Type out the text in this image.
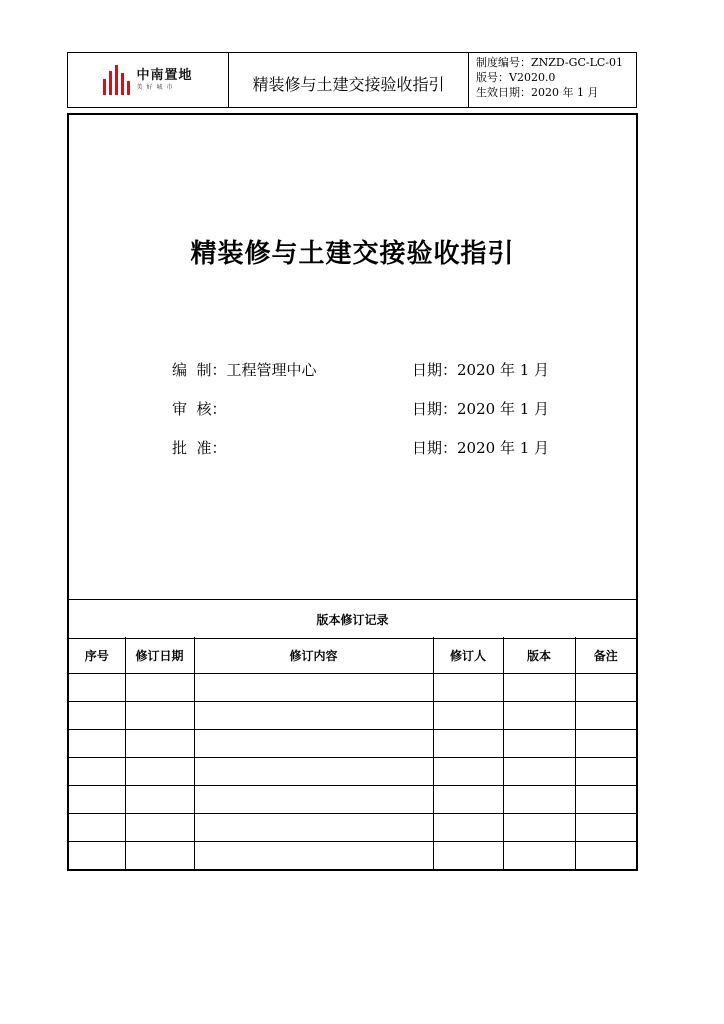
中南置地
美好城市	精装修与土建交接验收指引
制度编号：ZNZD-GC-LC-01
版号：V2020.0
生效日期：2020 年 1 月
精装修与土建交接验收指引
编  制：工程管理中心	日期：2020 年 1 月
审  核：	日期：2020 年 1 月
批  准：	日期：2020 年 1 月
版本修订记录
序号	修订日期	修订内容	修订人	版本	备注
